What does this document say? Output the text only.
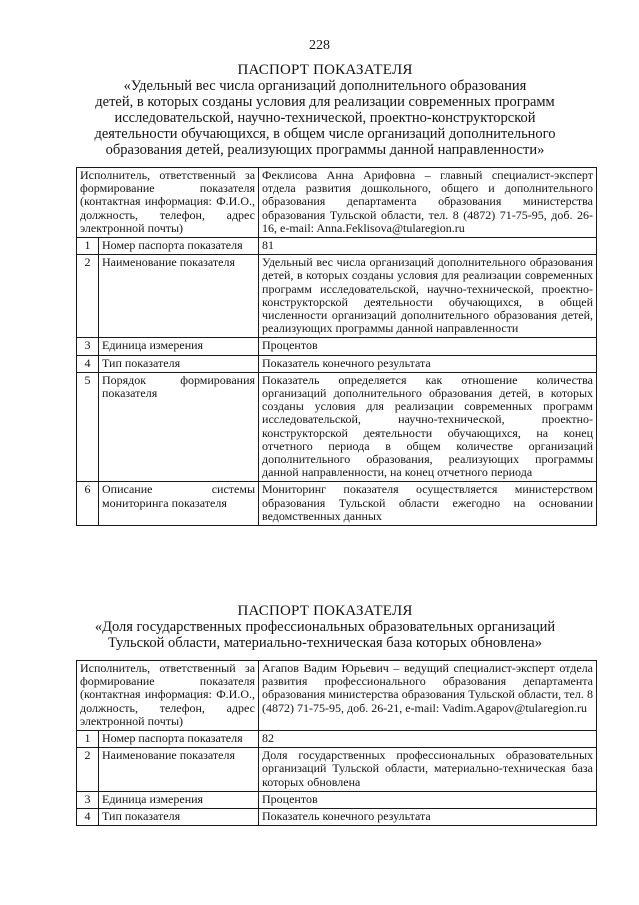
228
ПАСПОРТ ПОКАЗАТЕЛЯ
«Удельный вес числа организаций дополнительного образования
детей, в которых созданы условия для реализации современных программ
исследовательской, научно-технической, проектно-конструкторской
деятельности обучающихся, в общем числе организаций дополнительного
образования детей, реализующих программы данной направленности»
Исполнитель, ответственный за формирование показателя (контактная информация: Ф.И.О., должность, телефон, адрес электронной почты)		Феклисова Анна Арифовна – главный специалист-эксперт отдела развития дошкольного, общего и дополнительного образования департамента образования министерства образования Тульской области, тел. 8 (4872) 71-75-95, доб. 26-16, e-mail: Anna.Feklisova@tularegion.ru
1	Номер паспорта показателя	81
2	Наименование показателя	Удельный вес числа организаций дополнительного образования детей, в которых созданы условия для реализации современных программ исследовательской, научно-технической, проектно-конструкторской деятельности обучающихся, в общей численности организаций дополнительного образования детей, реализующих программы данной направленности
3	Единица измерения	Процентов
4	Тип показателя	Показатель конечного результата
5	Порядок формирования показателя	Показатель определяется как отношение количества организаций дополнительного образования детей, в которых созданы условия для реализации современных программ исследовательской, научно-технической, проектно-конструкторской деятельности обучающихся, на конец отчетного периода в общем количестве организаций дополнительного образования, реализующих программы данной направленности, на конец отчетного периода
6	Описание системы мониторинга показателя	Мониторинг показателя осуществляется министерством образования Тульской области ежегодно на основании ведомственных данных
ПАСПОРТ ПОКАЗАТЕЛЯ
«Доля государственных профессиональных образовательных организаций
Тульской области, материально-техническая база которых обновлена»
Исполнитель, ответственный за формирование показателя (контактная информация: Ф.И.О., должность, телефон, адрес электронной почты)		Агапов Вадим Юрьевич – ведущий специалист-эксперт отдела развития профессионального образования департамента образования министерства образования Тульской области, тел. 8 (4872) 71-75-95, доб. 26-21, e-mail: Vadim.Agapov@tularegion.ru
1	Номер паспорта показателя	82
2	Наименование показателя	Доля государственных профессиональных образовательных организаций Тульской области, материально-техническая база которых обновлена
3	Единица измерения	Процентов
4	Тип показателя	Показатель конечного результата
